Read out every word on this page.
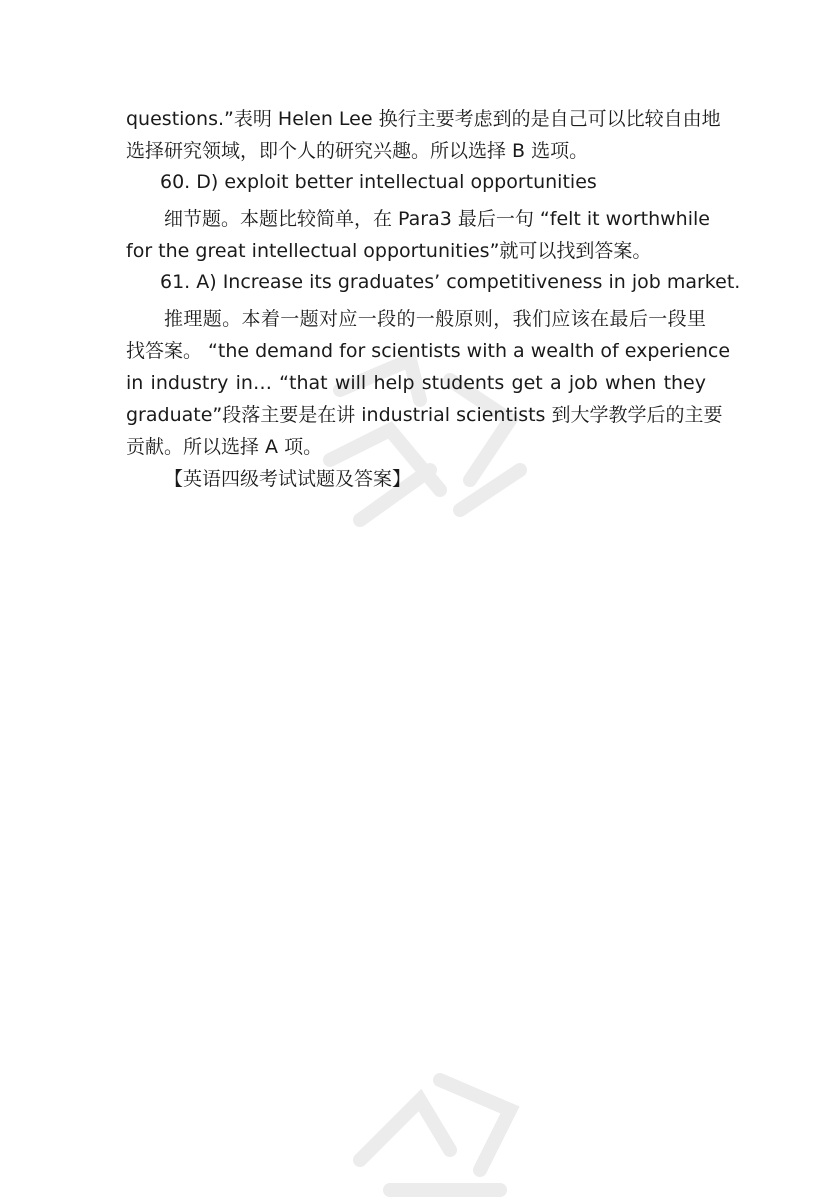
questions.”表明 Helen Lee 换行主要考虑到的是自己可以比较自由地
选择研究领域，即个人的研究兴趣。所以选择 B 选项。
60. D) exploit better intellectual opportunities
细节题。本题比较简单，在 Para3 最后一句 “felt it worthwhile
for the great intellectual opportunities”就可以找到答案。
61. A) Increase its graduates’ competitiveness in job market.
推理题。本着一题对应一段的一般原则，我们应该在最后一段里
找答案。 “the demand for scientists with a wealth of experience
in industry in… “that will help students get a job when they
graduate”段落主要是在讲 industrial scientists 到大学教学后的主要
贡献。所以选择 A 项。
【英语四级考试试题及答案】
